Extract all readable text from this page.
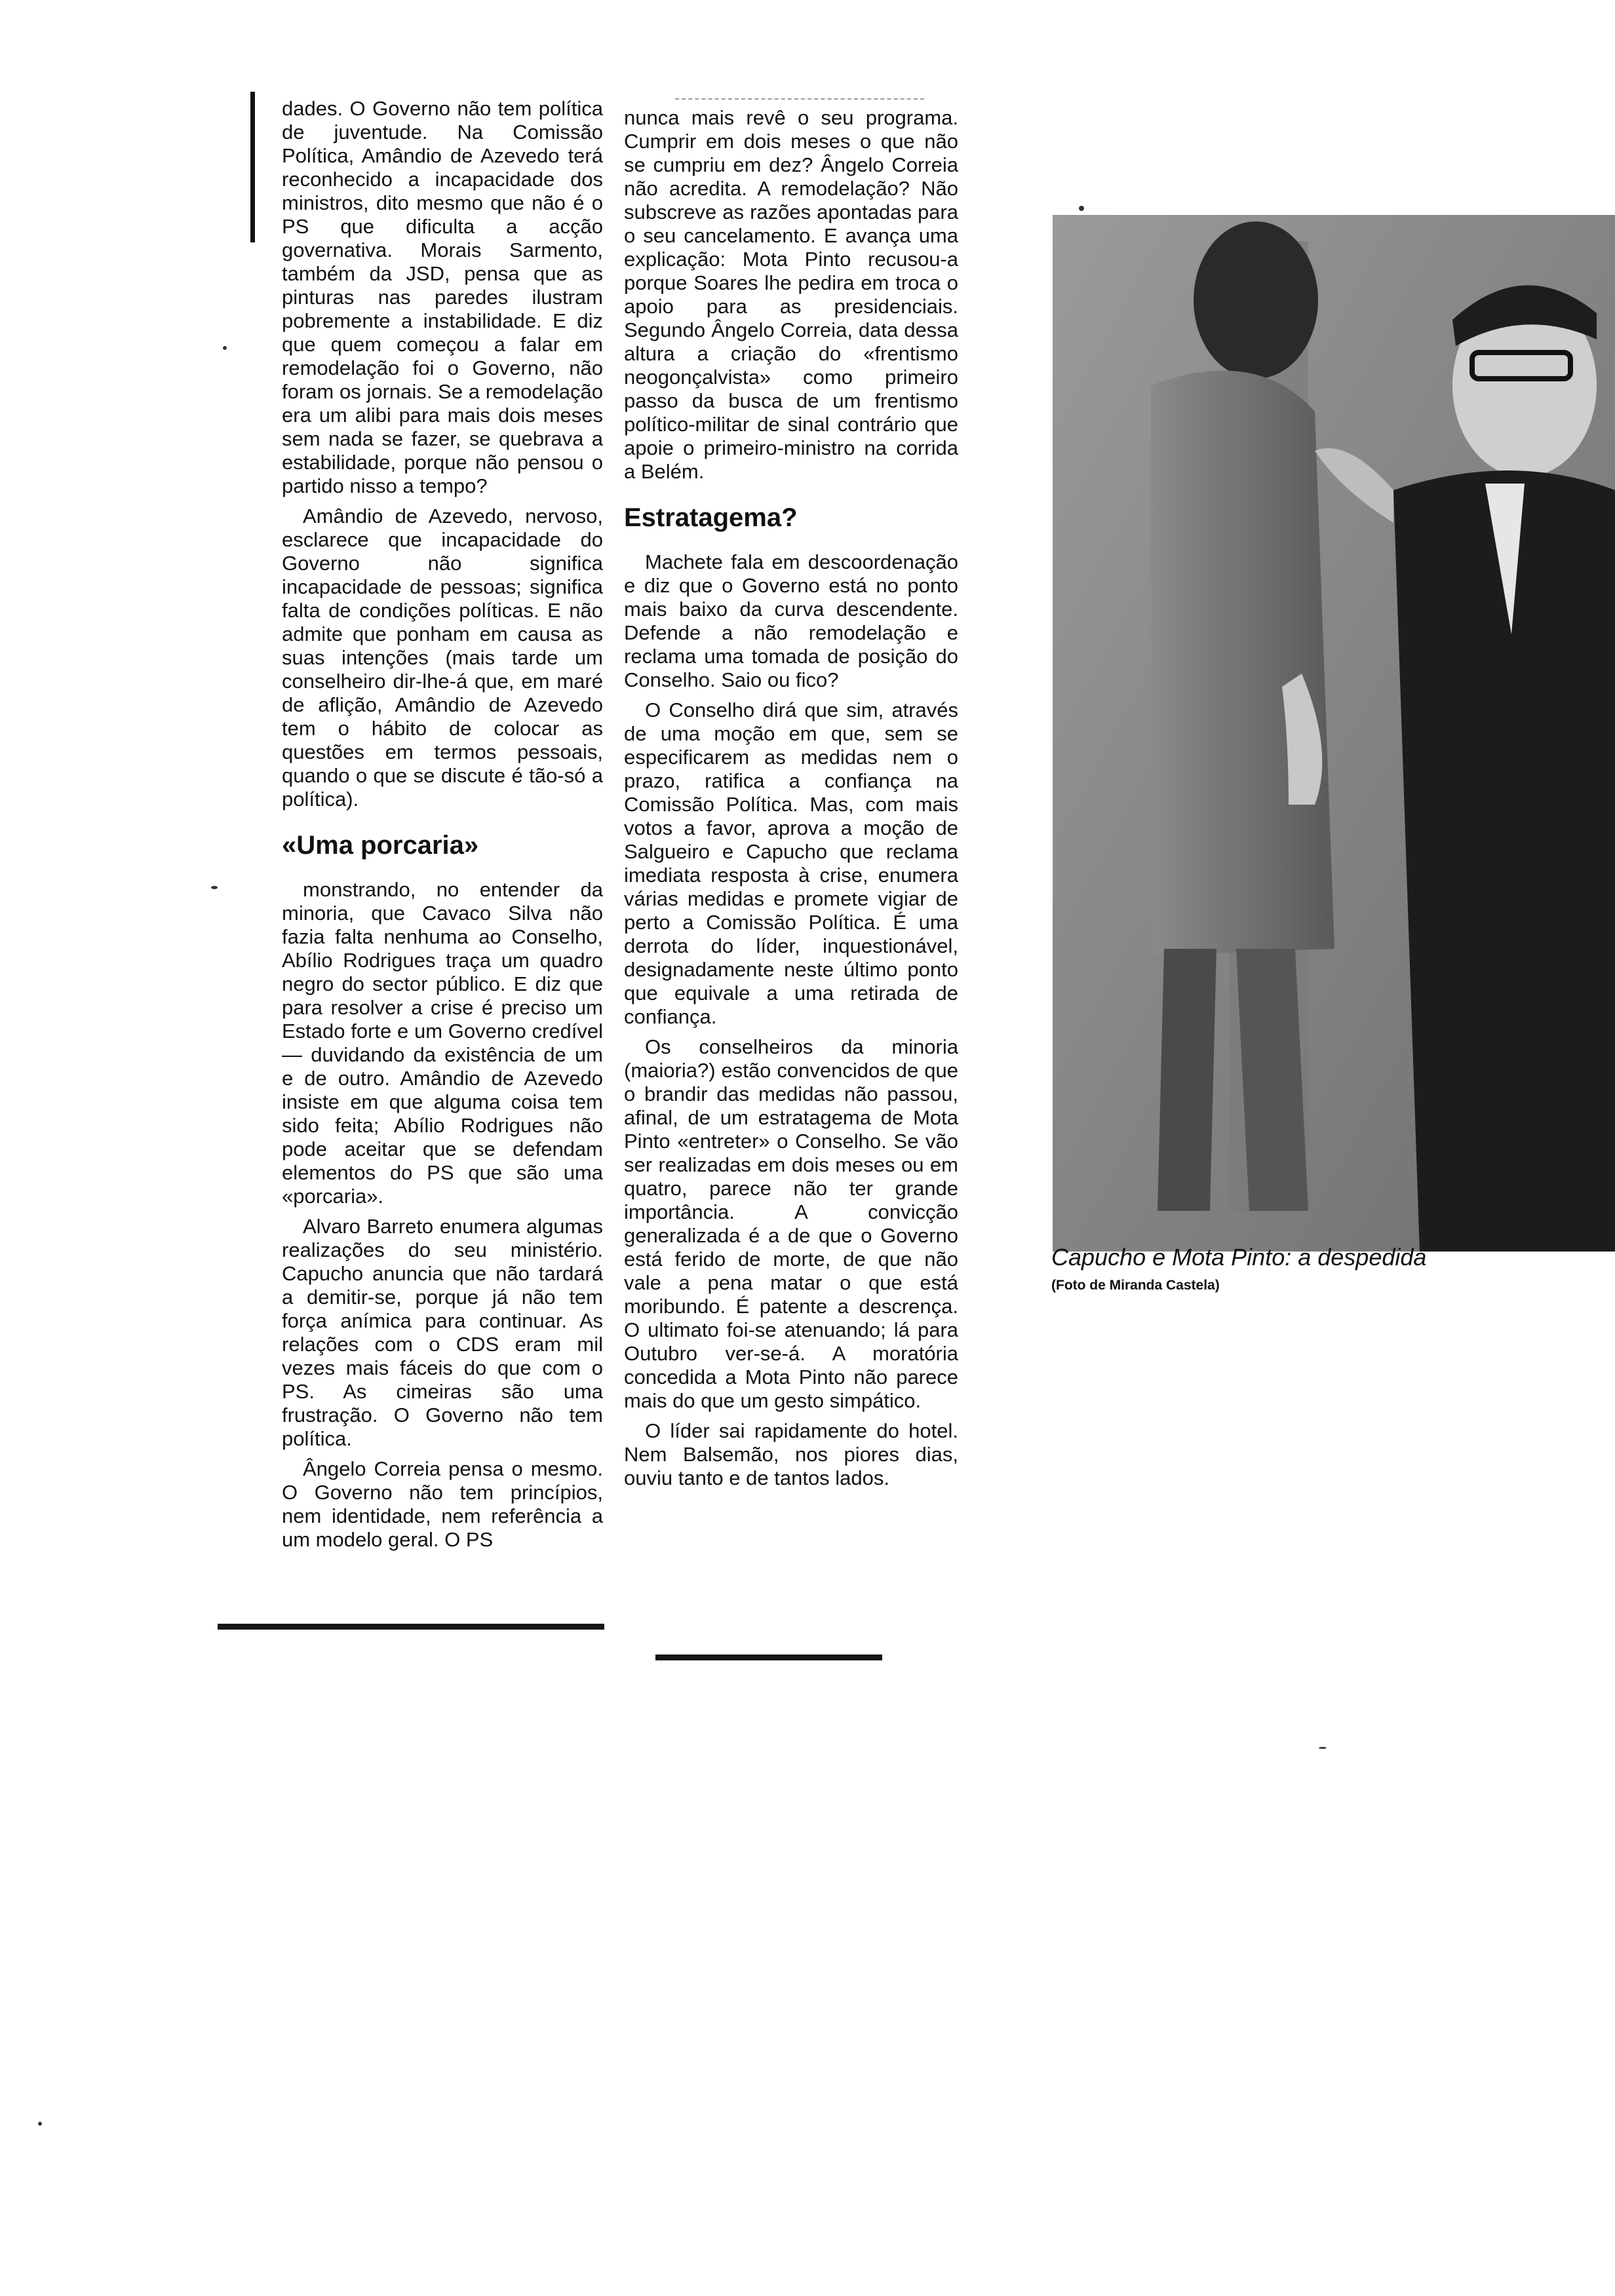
dades. O Governo não tem política de juventude. Na Comissão Política, Amândio de Azevedo terá reconhecido a incapacidade dos ministros, dito mesmo que não é o PS que dificulta a acção governativa. Morais Sarmento, também da JSD, pensa que as pinturas nas paredes ilustram pobremente a instabilidade. E diz que quem começou a falar em remodelação foi o Governo, não foram os jornais. Se a remodelação era um alibi para mais dois meses sem nada se fazer, se quebrava a estabilidade, porque não pensou o partido nisso a tempo?

Amândio de Azevedo, nervoso, esclarece que incapacidade do Governo não significa incapacidade de pessoas; significa falta de condições políticas. E não admite que ponham em causa as suas intenções (mais tarde um conselheiro dir-lhe-á que, em maré de aflição, Amândio de Azevedo tem o hábito de colocar as questões em termos pessoais, quando o que se discute é tão-só a política).

«Uma porcaria»

monstrando, no entender da minoria, que Cavaco Silva não fazia falta nenhuma ao Conselho, Abílio Rodrigues traça um quadro negro do sector público. E diz que para resolver a crise é preciso um Estado forte e um Governo credível — duvidando da existência de um e de outro. Amândio de Azevedo insiste em que alguma coisa tem sido feita; Abílio Rodrigues não pode aceitar que se defendam elementos do PS que são uma «porcaria».

Alvaro Barreto enumera algumas realizações do seu ministério. Capucho anuncia que não tardará a demitir-se, porque já não tem força anímica para continuar. As relações com o CDS eram mil vezes mais fáceis do que com o PS. As cimeiras são uma frustração. O Governo não tem política.

Ângelo Correia pensa o mesmo. O Governo não tem princípios, nem identidade, nem referência a um modelo geral. O PS

nunca mais revê o seu programa. Cumprir em dois meses o que não se cumpriu em dez? Ângelo Correia não acredita. A remodelação? Não subscreve as razões apontadas para o seu cancelamento. E avança uma explicação: Mota Pinto recusou-a porque Soares lhe pedira em troca o apoio para as presidenciais. Segundo Ângelo Correia, data dessa altura a criação do «frentismo neogonçalvista» como primeiro passo da busca de um frentismo político-militar de sinal contrário que apoie o primeiro-ministro na corrida a Belém.

Estratagema?

Machete fala em descoordenação e diz que o Governo está no ponto mais baixo da curva descendente. Defende a não remodelação e reclama uma tomada de posição do Conselho. Saio ou fico?

O Conselho dirá que sim, através de uma moção em que, sem se especificarem as medidas nem o prazo, ratifica a confiança na Comissão Política. Mas, com mais votos a favor, aprova a moção de Salgueiro e Capucho que reclama imediata resposta à crise, enumera várias medidas e promete vigiar de perto a Comissão Política. É uma derrota do líder, inquestionável, designadamente neste último ponto que equivale a uma retirada de confiança.

Os conselheiros da minoria (maioria?) estão convencidos de que o brandir das medidas não passou, afinal, de um estratagema de Mota Pinto «entreter» o Conselho. Se vão ser realizadas em dois meses ou em quatro, parece não ter grande importância. A convicção generalizada é a de que o Governo está ferido de morte, de que não vale a pena matar o que está moribundo. É patente a descrença. O ultimato foi-se atenuando; lá para Outubro ver-se-á. A moratória concedida a Mota Pinto não parece mais do que um gesto simpático.

O líder sai rapidamente do hotel. Nem Balsemão, nos piores dias, ouviu tanto e de tantos lados.

Capucho e Mota Pinto: a despedida

(Foto de Miranda Castela)
